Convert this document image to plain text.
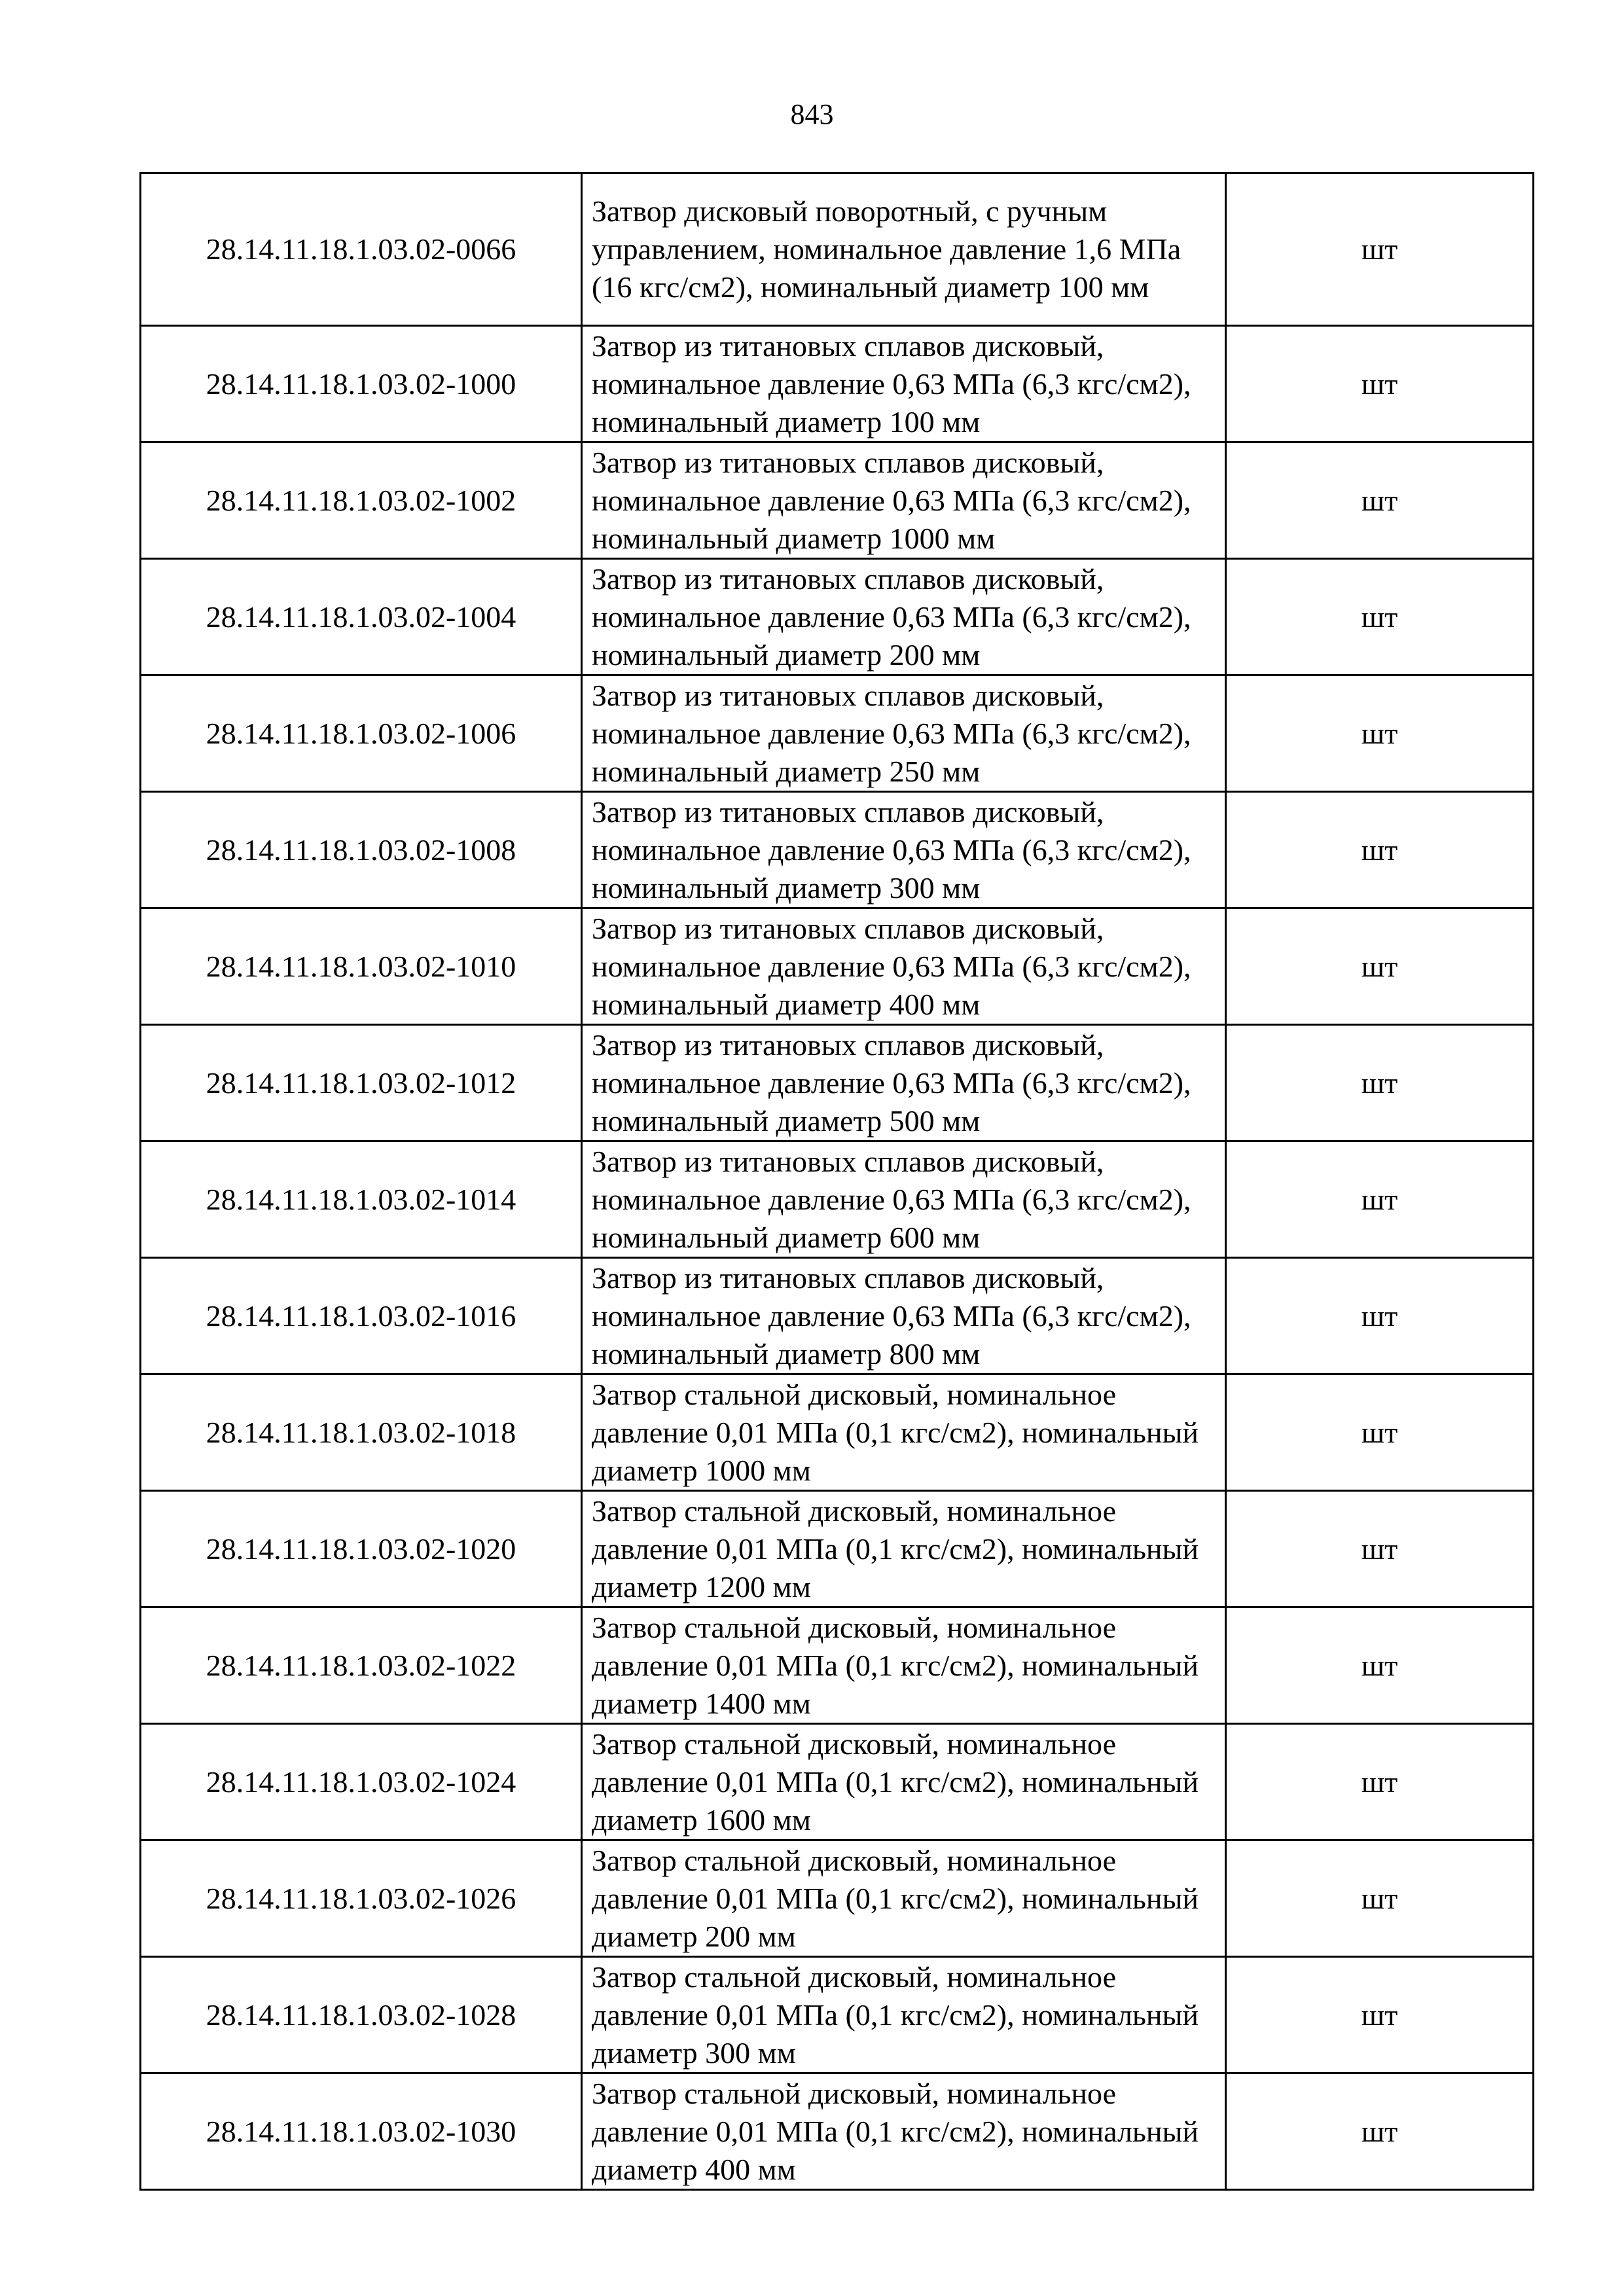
843
28.14.11.18.1.03.02-0066	Затвор дисковый поворотный, с ручным управлением, номинальное давление 1,6 МПа (16 кгс/см2), номинальный диаметр 100 мм	шт
28.14.11.18.1.03.02-1000	Затвор из титановых сплавов дисковый, номинальное давление 0,63 МПа (6,3 кгс/см2), номинальный диаметр 100 мм	шт
28.14.11.18.1.03.02-1002	Затвор из титановых сплавов дисковый, номинальное давление 0,63 МПа (6,3 кгс/см2), номинальный диаметр 1000 мм	шт
28.14.11.18.1.03.02-1004	Затвор из титановых сплавов дисковый, номинальное давление 0,63 МПа (6,3 кгс/см2), номинальный диаметр 200 мм	шт
28.14.11.18.1.03.02-1006	Затвор из титановых сплавов дисковый, номинальное давление 0,63 МПа (6,3 кгс/см2), номинальный диаметр 250 мм	шт
28.14.11.18.1.03.02-1008	Затвор из титановых сплавов дисковый, номинальное давление 0,63 МПа (6,3 кгс/см2), номинальный диаметр 300 мм	шт
28.14.11.18.1.03.02-1010	Затвор из титановых сплавов дисковый, номинальное давление 0,63 МПа (6,3 кгс/см2), номинальный диаметр 400 мм	шт
28.14.11.18.1.03.02-1012	Затвор из титановых сплавов дисковый, номинальное давление 0,63 МПа (6,3 кгс/см2), номинальный диаметр 500 мм	шт
28.14.11.18.1.03.02-1014	Затвор из титановых сплавов дисковый, номинальное давление 0,63 МПа (6,3 кгс/см2), номинальный диаметр 600 мм	шт
28.14.11.18.1.03.02-1016	Затвор из титановых сплавов дисковый, номинальное давление 0,63 МПа (6,3 кгс/см2), номинальный диаметр 800 мм	шт
28.14.11.18.1.03.02-1018	Затвор стальной дисковый, номинальное давление 0,01 МПа (0,1 кгс/см2), номинальный диаметр 1000 мм	шт
28.14.11.18.1.03.02-1020	Затвор стальной дисковый, номинальное давление 0,01 МПа (0,1 кгс/см2), номинальный диаметр 1200 мм	шт
28.14.11.18.1.03.02-1022	Затвор стальной дисковый, номинальное давление 0,01 МПа (0,1 кгс/см2), номинальный диаметр 1400 мм	шт
28.14.11.18.1.03.02-1024	Затвор стальной дисковый, номинальное давление 0,01 МПа (0,1 кгс/см2), номинальный диаметр 1600 мм	шт
28.14.11.18.1.03.02-1026	Затвор стальной дисковый, номинальное давление 0,01 МПа (0,1 кгс/см2), номинальный диаметр 200 мм	шт
28.14.11.18.1.03.02-1028	Затвор стальной дисковый, номинальное давление 0,01 МПа (0,1 кгс/см2), номинальный диаметр 300 мм	шт
28.14.11.18.1.03.02-1030	Затвор стальной дисковый, номинальное давление 0,01 МПа (0,1 кгс/см2), номинальный диаметр 400 мм	шт
